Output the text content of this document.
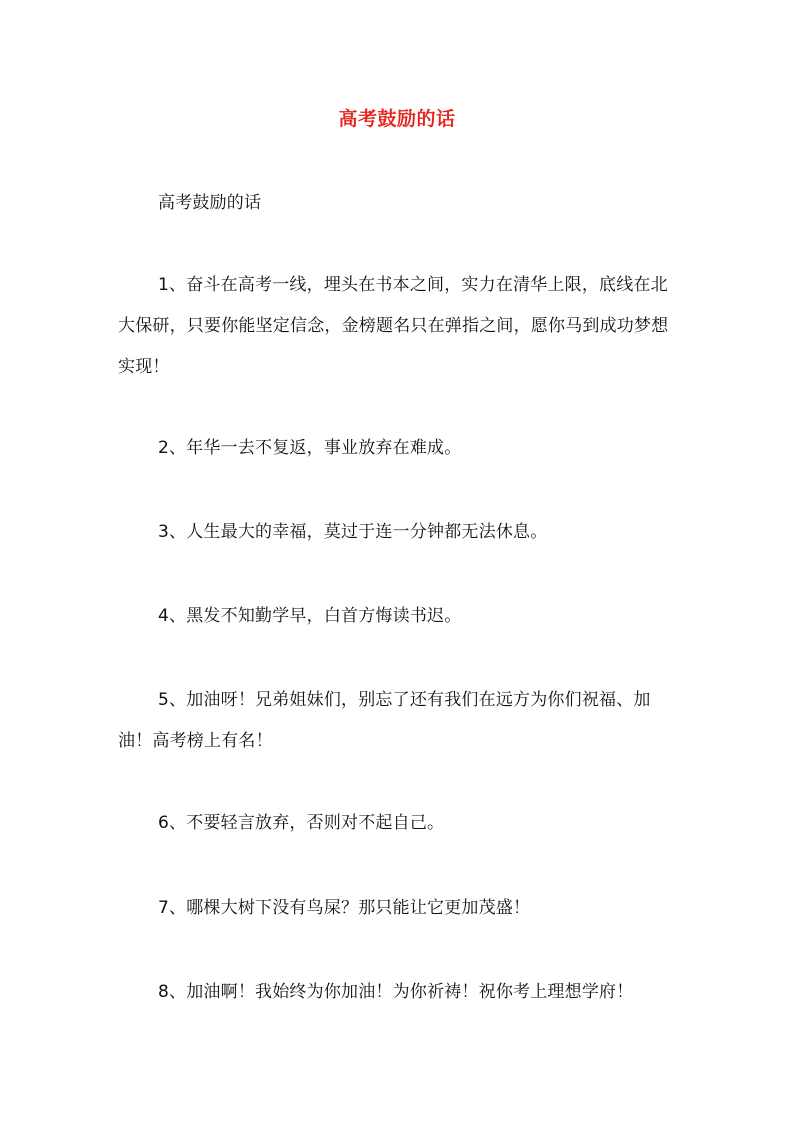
高考鼓励的话

高考鼓励的话

1、奋斗在高考一线，埋头在书本之间，实力在清华上限，底线在北大保研，只要你能坚定信念，金榜题名只在弹指之间，愿你马到成功梦想实现！

2、年华一去不复返，事业放弃在难成。

3、人生最大的幸福，莫过于连一分钟都无法休息。

4、黑发不知勤学早，白首方悔读书迟。

5、加油呀！兄弟姐妹们，别忘了还有我们在远方为你们祝福、加油！高考榜上有名！

6、不要轻言放弃，否则对不起自己。

7、哪棵大树下没有鸟屎？那只能让它更加茂盛！

8、加油啊！我始终为你加油！为你祈祷！祝你考上理想学府！
